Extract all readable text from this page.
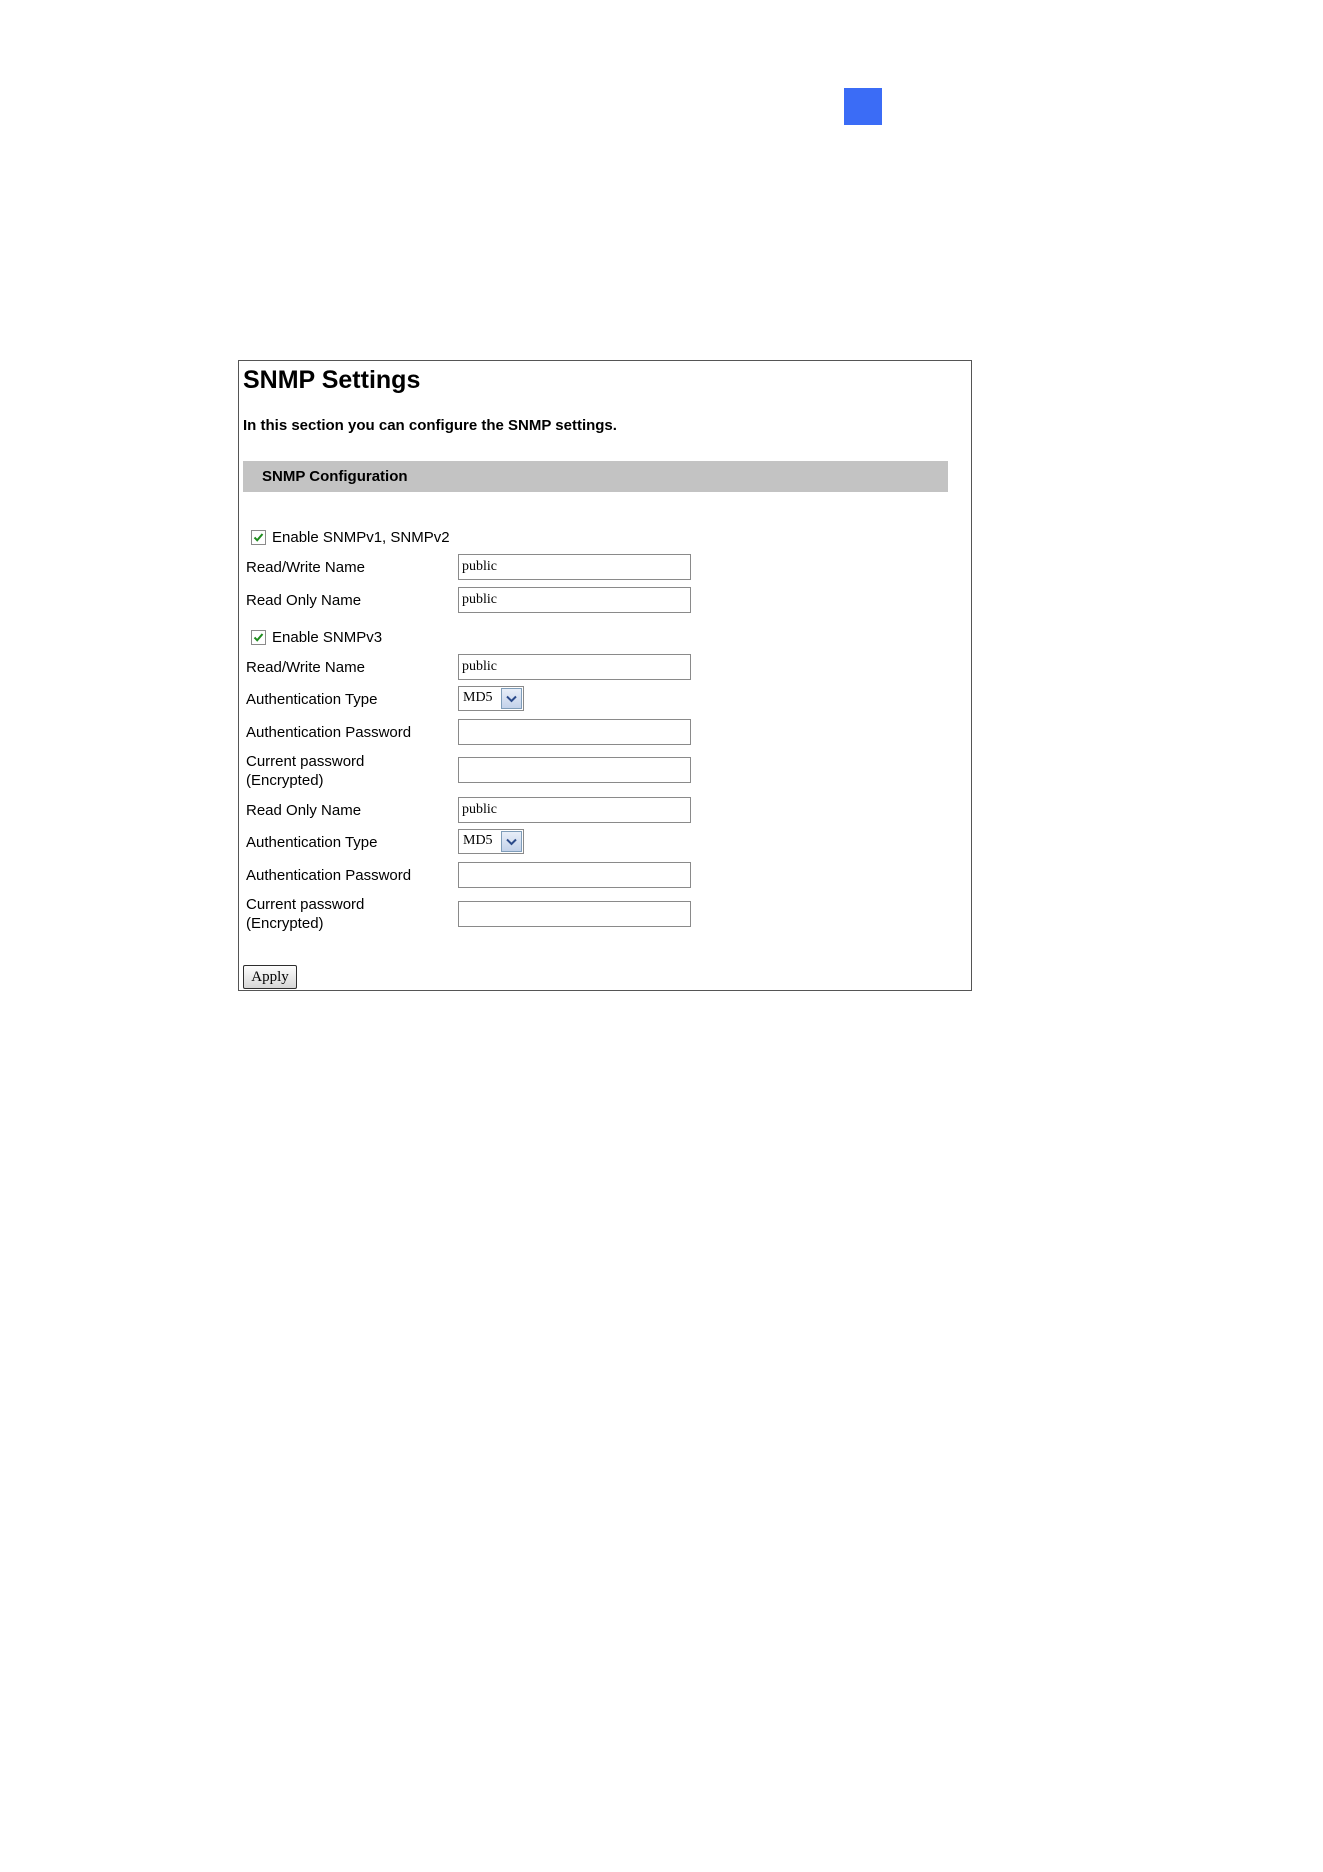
SNMP Settings
In this section you can configure the SNMP settings.
SNMP Configuration
Enable SNMPv1, SNMPv2
Read/Write Name
public
Read Only Name
public
Enable SNMPv3
Read/Write Name
public
Authentication Type	MD5
Authentication Password
Current password
(Encrypted)
Read Only Name
public
Authentication Type	MD5
Authentication Password
Current password
(Encrypted)
Apply
